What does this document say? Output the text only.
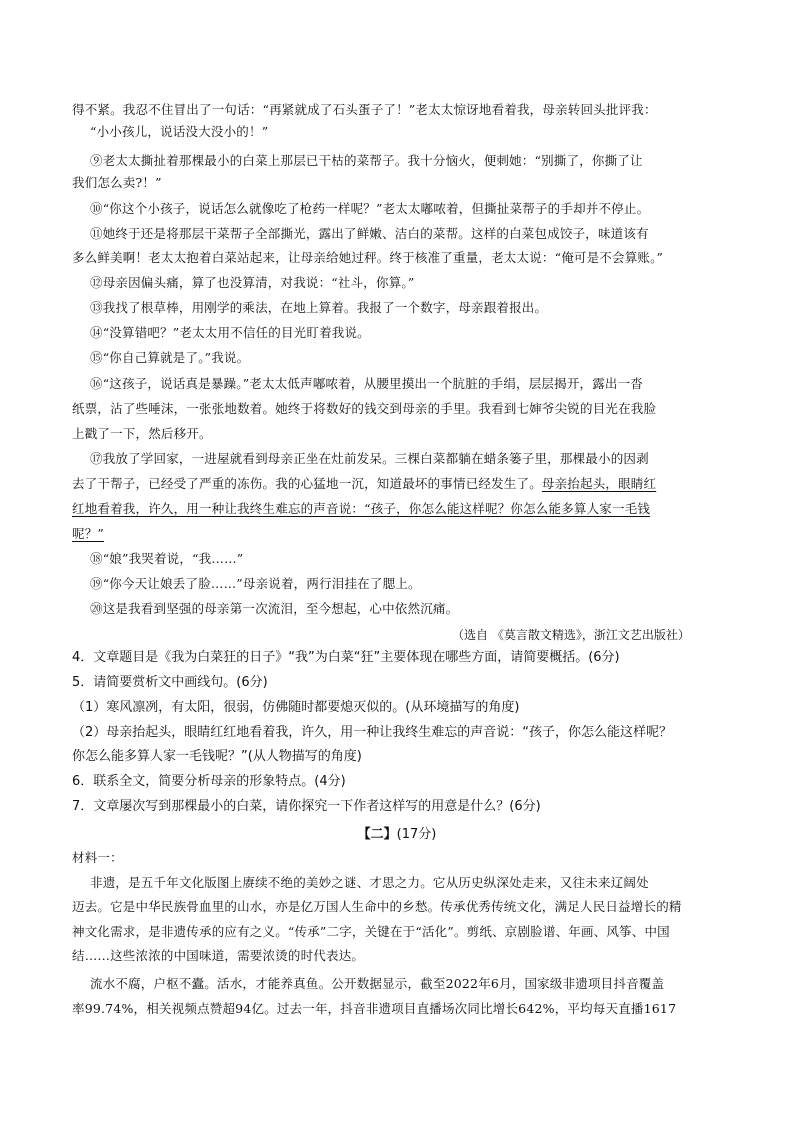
得不紧。我忍不住冒出了一句话：“再紧就成了石头蛋子了！”老太太惊讶地看着我，母亲转回头批评我：
“小小孩儿，说话没大没小的！”
⑨老太太撕扯着那棵最小的白菜上那层已干枯的菜帮子。我十分恼火，便刺她：“别撕了，你撕了让
我们怎么卖?！”
⑩“你这个小孩子，说话怎么就像吃了枪药一样呢？”老太太嘟哝着，但撕扯菜帮子的手却并不停止。
⑪她终于还是将那层干菜帮子全部撕光，露出了鲜嫩、洁白的菜帮。这样的白菜包成饺子，味道该有
多么鲜美啊！老太太抱着白菜站起来，让母亲给她过秤。终于核准了重量，老太太说：“俺可是不会算账。”
⑫母亲因偏头痛，算了也没算清，对我说：“社斗，你算。”
⑬我找了根草棒，用刚学的乘法，在地上算着。我报了一个数字，母亲跟着报出。
⑭“没算错吧？”老太太用不信任的目光盯着我说。
⑮“你自己算就是了。”我说。
⑯“这孩子，说话真是暴躁。”老太太低声嘟哝着，从腰里摸出一个肮脏的手绢，层层揭开，露出一沓
纸票，沾了些唾沫，一张张地数着。她终于将数好的钱交到母亲的手里。我看到七婶爷尖锐的目光在我脸
上戳了一下，然后移开。
⑰我放了学回家，一进屋就看到母亲正坐在灶前发呆。三棵白菜都躺在蜡条篓子里，那棵最小的因剥
去了干帮子，已经受了严重的冻伤。我的心猛地一沉，知道最坏的事情已经发生了。母亲抬起头，眼睛红
红地看着我，许久，用一种让我终生难忘的声音说：“孩子，你怎么能这样呢？你怎么能多算人家一毛钱
呢？”
⑱“娘”我哭着说，“我……”
⑲“你今天让娘丢了脸……”母亲说着，两行泪挂在了腮上。
⑳这是我看到坚强的母亲第一次流泪，至今想起，心中依然沉痛。
（选自 《莫言散文精选》，浙江文艺出版社）
4．文章题目是《我为白菜狂的日子》“我”为白菜“狂”主要体现在哪些方面，请简要概括。(6分)
5．请简要赏析文中画线句。(6分)
（1）寒风凛冽，有太阳，很弱，仿佛随时都要熄灭似的。(从环境描写的角度)
（2）母亲抬起头，眼睛红红地看着我，许久，用一种让我终生难忘的声音说：“孩子，你怎么能这样呢？
你怎么能多算人家一毛钱呢？”(从人物描写的角度)
6．联系全文，简要分析母亲的形象特点。(4分)
7．文章屡次写到那棵最小的白菜，请你探究一下作者这样写的用意是什么？(6分)
【二】(17分)
材料一：
非遗，是五千年文化版图上赓续不绝的美妙之谜、才思之力。它从历史纵深处走来，又往未来辽阔处
迈去。它是中华民族骨血里的山水，亦是亿万国人生命中的乡愁。传承优秀传统文化，满足人民日益增长的精
神文化需求，是非遗传承的应有之义。“传承”二字，关键在于“活化”。剪纸、京剧脸谱、年画、风筝、中国
结……这些浓浓的中国味道，需要浓烫的时代表达。
流水不腐，户枢不蠹。活水，才能养真鱼。公开数据显示，截至2022年6月，国家级非遗项目抖音覆盖
率99.74%，相关视频点赞超94亿。过去一年，抖音非遗项目直播场次同比增长642%，平均每天直播1617
